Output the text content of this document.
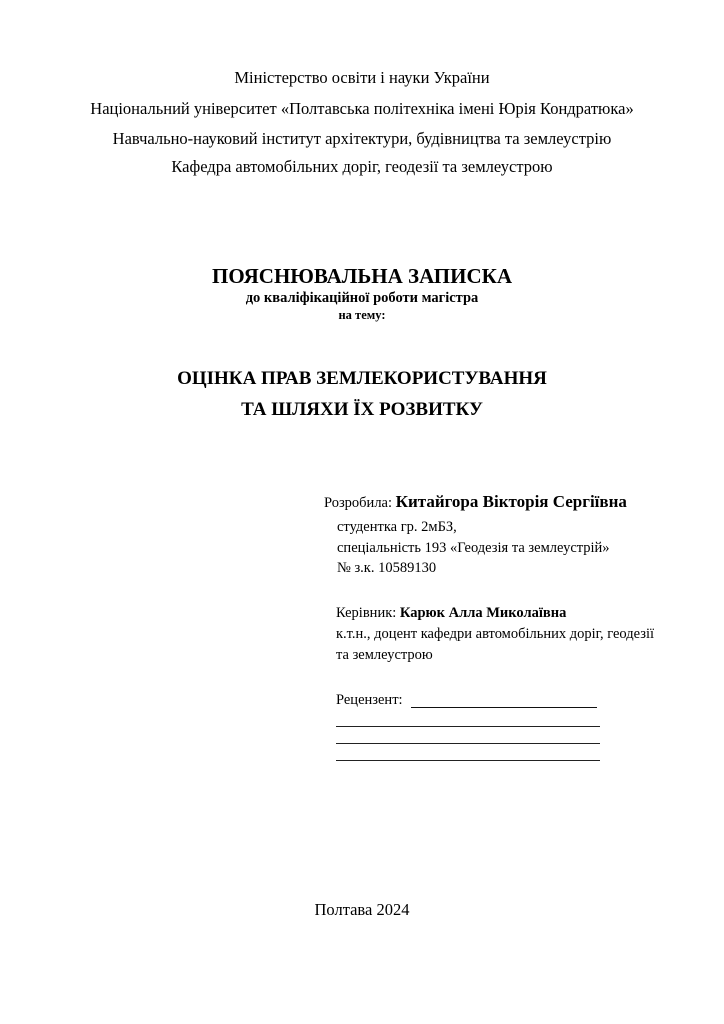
Міністерство освіти і науки України
Національний університет «Полтавська політехніка імені Юрія Кондратюка»
Навчально-науковий інститут архітектури, будівництва та землеустрію
Кафедра автомобільних доріг, геодезії та землеустрою
ПОЯСНЮВАЛЬНА ЗАПИСКА
до кваліфікаційної роботи магістра
на тему:
ОЦІНКА ПРАВ ЗЕМЛЕКОРИСТУВАННЯ
ТА ШЛЯХИ ЇХ РОЗВИТКУ
Розробила: Китайгора Вікторія Сергіївна
студентка гр. 2мБЗ,
спеціальність 193 «Геодезія та землеустрій»
№ з.к. 10589130
Керівник: Карюк Алла Миколаївна
к.т.н., доцент кафедри автомобільних доріг, геодезії
та землеустрою
Рецензент:
Полтава 2024
